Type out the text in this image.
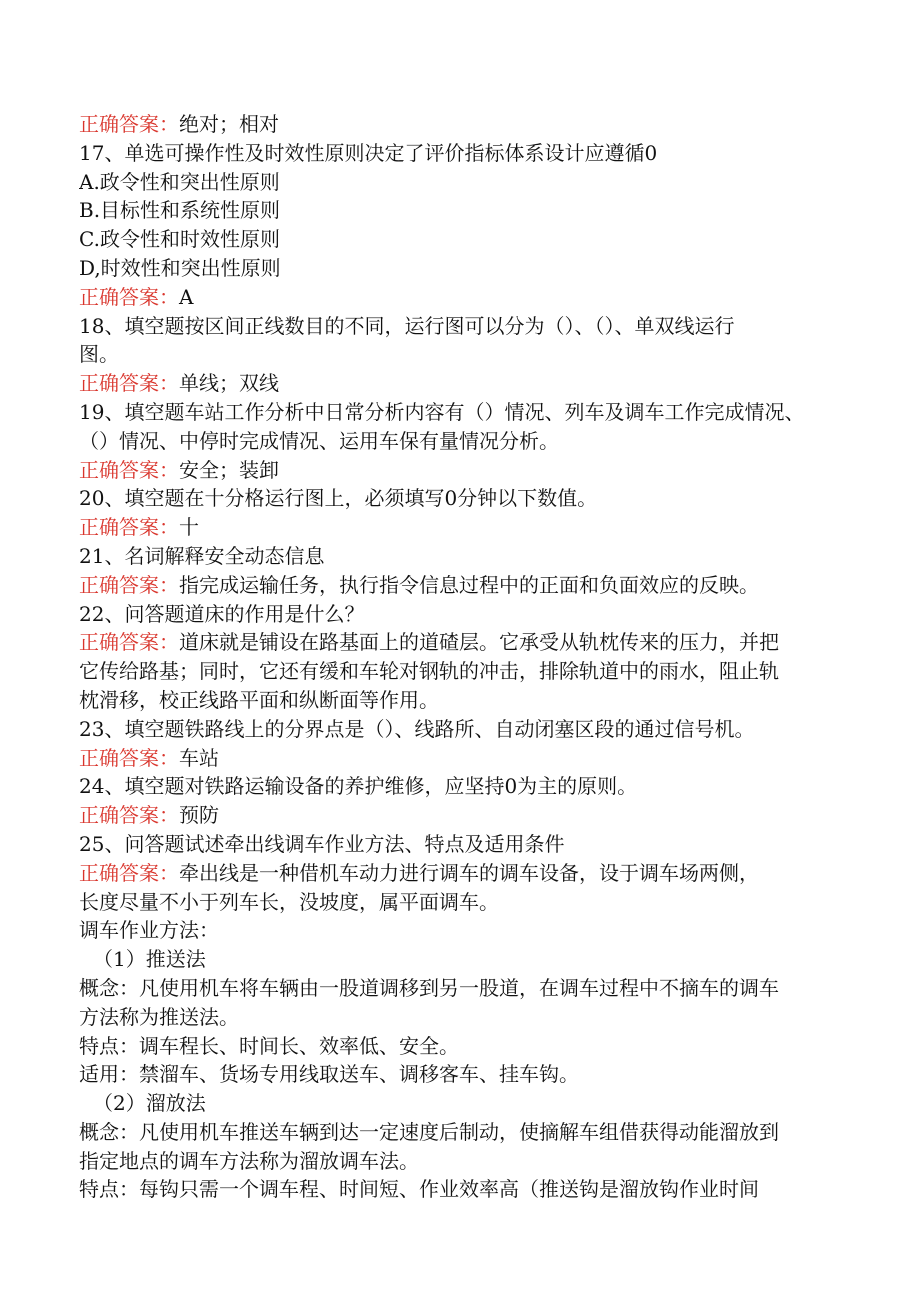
正确答案：绝对；相对
17、单选可操作性及时效性原则决定了评价指标体系设计应遵循0
A.政令性和突出性原则
B.目标性和系统性原则
C.政令性和时效性原则
D,时效性和突出性原则
正确答案：A
18、填空题按区间正线数目的不同，运行图可以分为（）、（）、单双线运行
图。
正确答案：单线；双线
19、填空题车站工作分析中日常分析内容有（）情况、列车及调车工作完成情况、
（）情况、中停时完成情况、运用车保有量情况分析。
正确答案：安全；装卸
20、填空题在十分格运行图上，必须填写0分钟以下数值。
正确答案：十
21、名词解释安全动态信息
正确答案：指完成运输任务，执行指令信息过程中的正面和负面效应的反映。
22、问答题道床的作用是什么？
正确答案：道床就是铺设在路基面上的道碴层。它承受从轨枕传来的压力，并把
它传给路基；同时，它还有缓和车轮对钢轨的冲击，排除轨道中的雨水，阻止轨
枕滑移，校正线路平面和纵断面等作用。
23、填空题铁路线上的分界点是（）、线路所、自动闭塞区段的通过信号机。
正确答案：车站
24、填空题对铁路运输设备的养护维修，应坚持0为主的原则。
正确答案：预防
25、问答题试述牵出线调车作业方法、特点及适用条件
正确答案：牵出线是一种借机车动力进行调车的调车设备，设于调车场两侧，
长度尽量不小于列车长，没坡度，属平面调车。
调车作业方法：
（1）推送法
概念：凡使用机车将车辆由一股道调移到另一股道，在调车过程中不摘车的调车
方法称为推送法。
特点：调车程长、时间长、效率低、安全。
适用：禁溜车、货场专用线取送车、调移客车、挂车钩。
（2）溜放法
概念：凡使用机车推送车辆到达一定速度后制动，使摘解车组借获得动能溜放到
指定地点的调车方法称为溜放调车法。
特点：每钩只需一个调车程、时间短、作业效率高（推送钩是溜放钩作业时间
